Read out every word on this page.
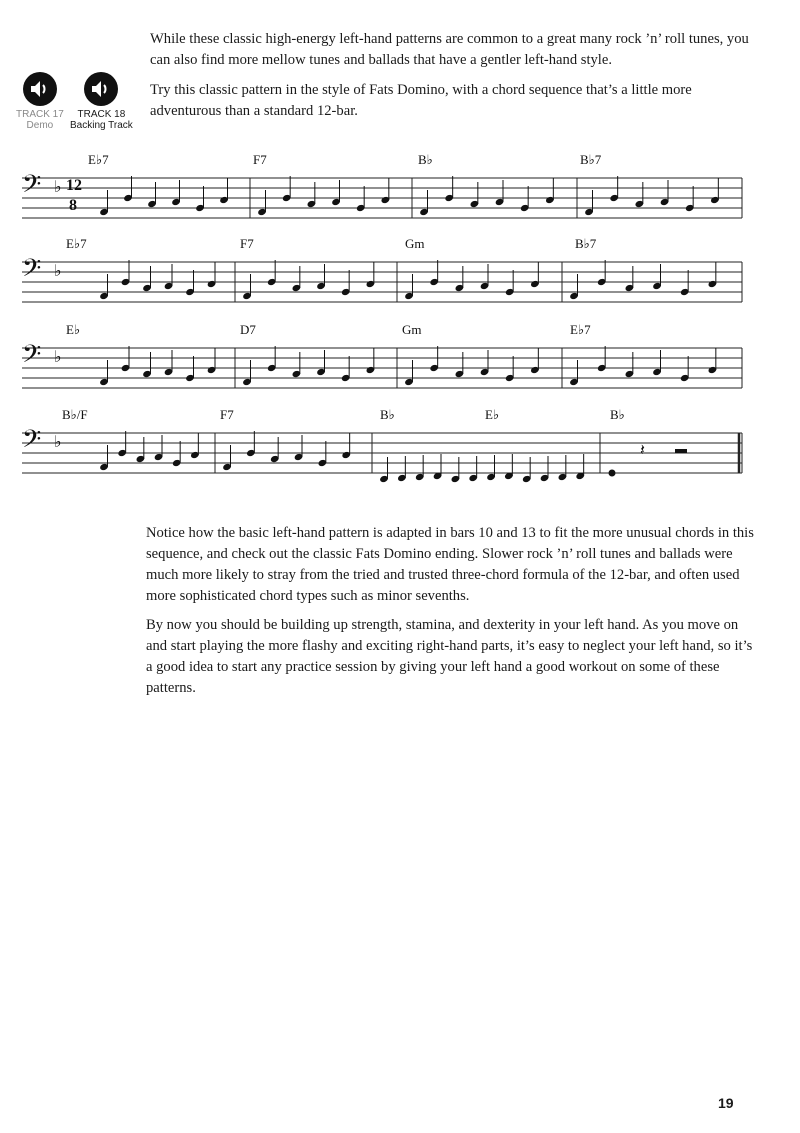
While these classic high-energy left-hand patterns are common to a great many rock ’n’ roll tunes, you can also find more mellow tunes and ballads that have a gentler left-hand style.

Try this classic pattern in the style of Fats Domino, with a chord sequence that’s a little more adventurous than a standard 12-bar.

TRACK 17
Demo
TRACK 18
Backing Track
𝄢 ♭ 12
8
𝄢 ♭
𝄢 ♭
𝄢 ♭	𝄽
E♭7	F7	B♭	B♭7
E♭7	F7	Gm	B♭7
E♭	D7	Gm	E♭7
B♭/F	F7	B♭	E♭	B♭

Notice how the basic left-hand pattern is adapted in bars 10 and 13 to fit the more unusual chords in this sequence, and check out the classic Fats Domino ending. Slower rock ’n’ roll tunes and ballads were much more likely to stray from the tried and trusted three-chord formula of the 12-bar, and often used more sophisticated chord types such as minor sevenths.

By now you should be building up strength, stamina, and dexterity in your left hand. As you move on and start playing the more flashy and exciting right-hand parts, it’s easy to neglect your left hand, so it’s a good idea to start any practice session by giving your left hand a good workout on some of these patterns.

19
